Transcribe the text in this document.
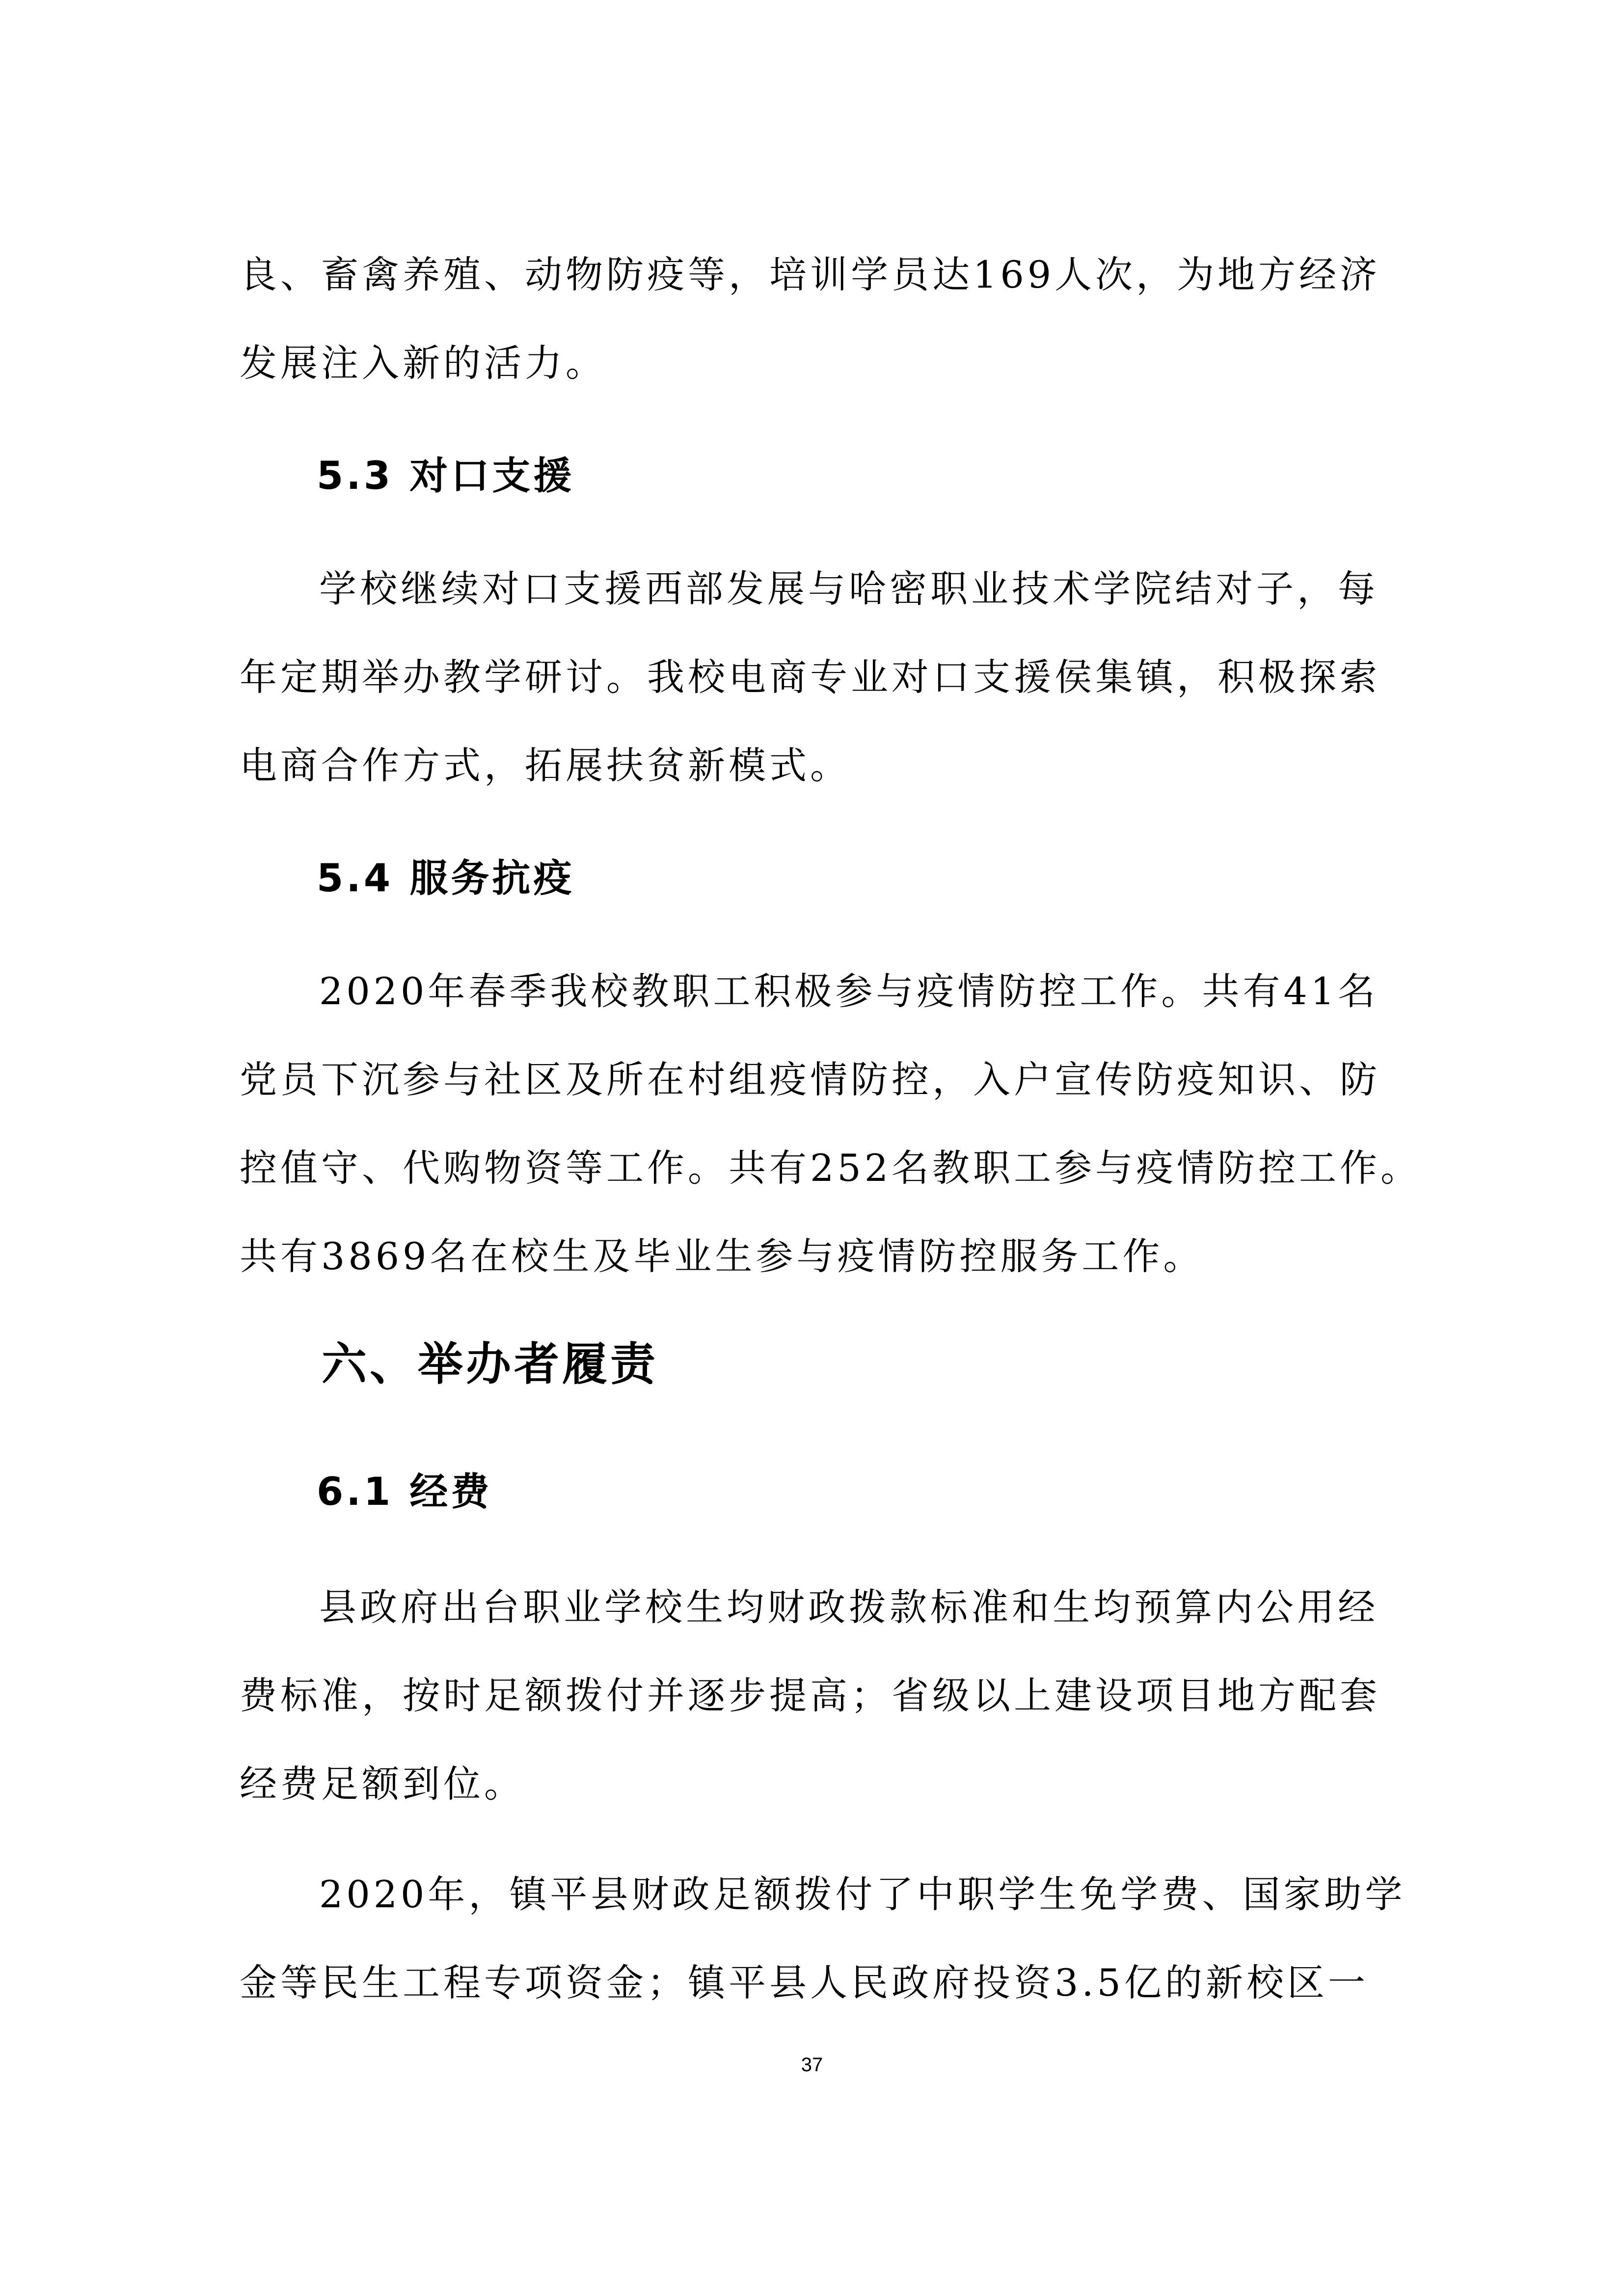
良、畜禽养殖、动物防疫等，培训学员达169人次，为地方经济
发展注入新的活力。
5.3 对口支援
学校继续对口支援西部发展与哈密职业技术学院结对子，每
年定期举办教学研讨。我校电商专业对口支援侯集镇，积极探索
电商合作方式，拓展扶贫新模式。
5.4 服务抗疫
2020年春季我校教职工积极参与疫情防控工作。共有41名
党员下沉参与社区及所在村组疫情防控，入户宣传防疫知识、防
控值守、代购物资等工作。共有252名教职工参与疫情防控工作。
共有3869名在校生及毕业生参与疫情防控服务工作。
六、举办者履责
6.1 经费
县政府出台职业学校生均财政拨款标准和生均预算内公用经
费标准，按时足额拨付并逐步提高；省级以上建设项目地方配套
经费足额到位。
2020年，镇平县财政足额拨付了中职学生免学费、国家助学
金等民生工程专项资金；镇平县人民政府投资3.5亿的新校区一
37
